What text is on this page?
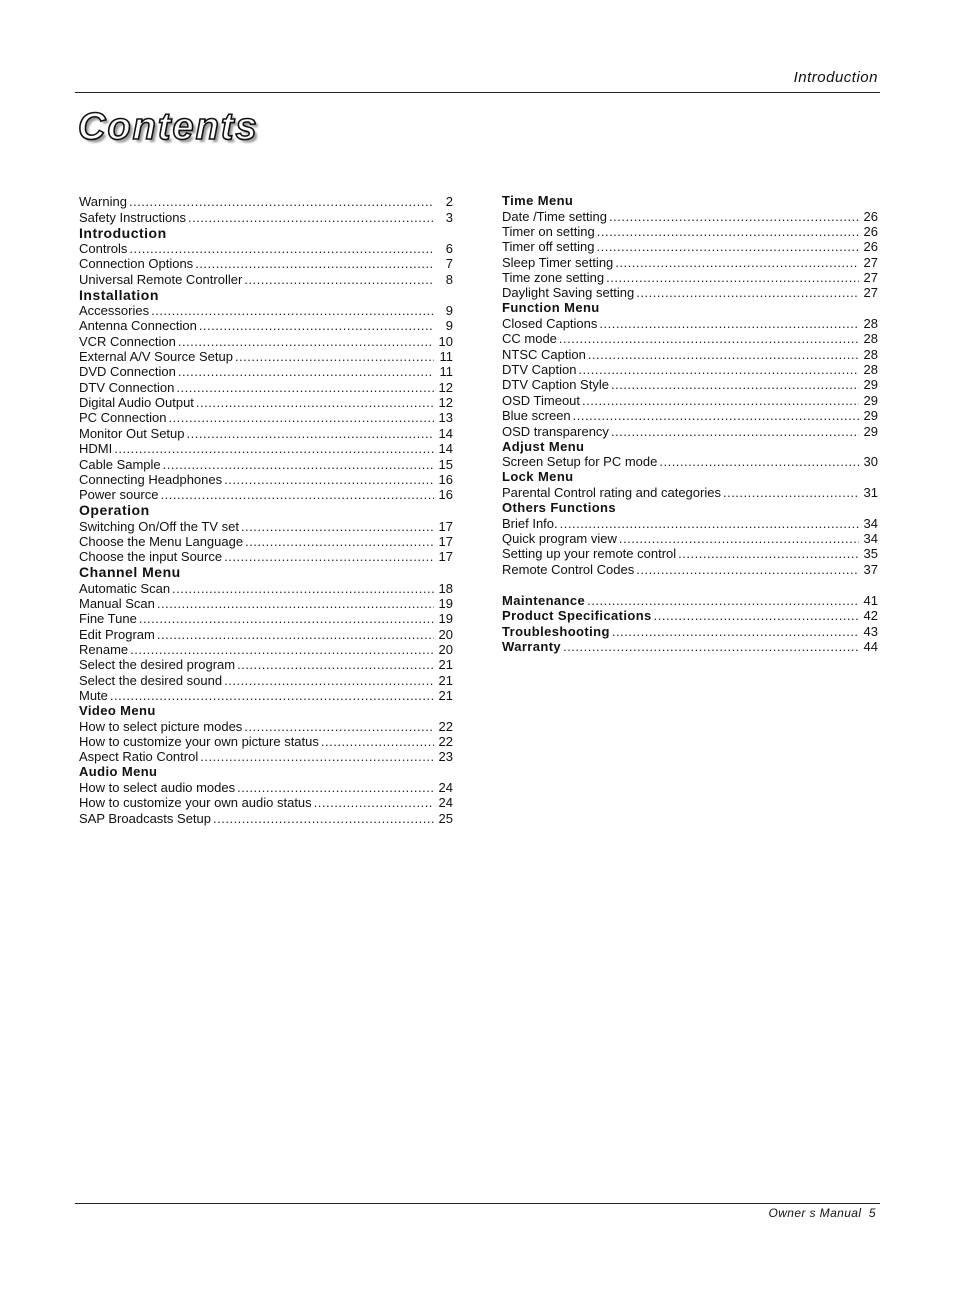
Introduction
Contents
Warning .....	2
Safety Instructions .....	3
Introduction
Controls .....	6
Connection Options .....	7
Universal Remote Controller .....	8
Installation
Accessories .....	9
Antenna Connection .....	9
VCR Connection .....	10
External A/V Source Setup .....	11
DVD Connection .....	11
DTV Connection .....	12
Digital Audio Output .....	12
PC Connection .....	13
Monitor Out Setup .....	14
HDMI .....	14
Cable Sample .....	15
Connecting Headphones .....	16
Power source .....	16
Operation
Switching On/Off the TV set .....	17
Choose the Menu Language .....	17
Choose the input Source .....	17
Channel Menu
Automatic Scan .....	18
Manual Scan .....	19
Fine Tune .....	19
Edit Program .....	20
Rename .....	20
Select the desired program .....	21
Select the desired sound .....	21
Mute .....	21
Video Menu
How to select picture modes .....	22
How to customize your own picture status .....	22
Aspect Ratio Control .....	23
Audio Menu
How to select audio modes .....	24
How to customize your own audio status .....	24
SAP Broadcasts Setup .....	25
Time Menu
Date /Time setting .....	26
Timer on setting .....	26
Timer off setting .....	26
Sleep Timer setting .....	27
Time zone setting .....	27
Daylight Saving setting .....	27
Function Menu
Closed Captions .....	28
CC mode .....	28
NTSC Caption .....	28
DTV Caption .....	28
DTV Caption Style .....	29
OSD Timeout .....	29
Blue screen .....	29
OSD transparency .....	29
Adjust Menu
Screen Setup for PC mode .....	30
Lock Menu
Parental Control rating and categories .....	31
Others Functions
Brief Info. .....	34
Quick program view .....	34
Setting up your remote control .....	35
Remote Control Codes .....	37
Maintenance .....	41
Product Specifications .....	42
Troubleshooting .....	43
Warranty .....	44
Owner s Manual 5
